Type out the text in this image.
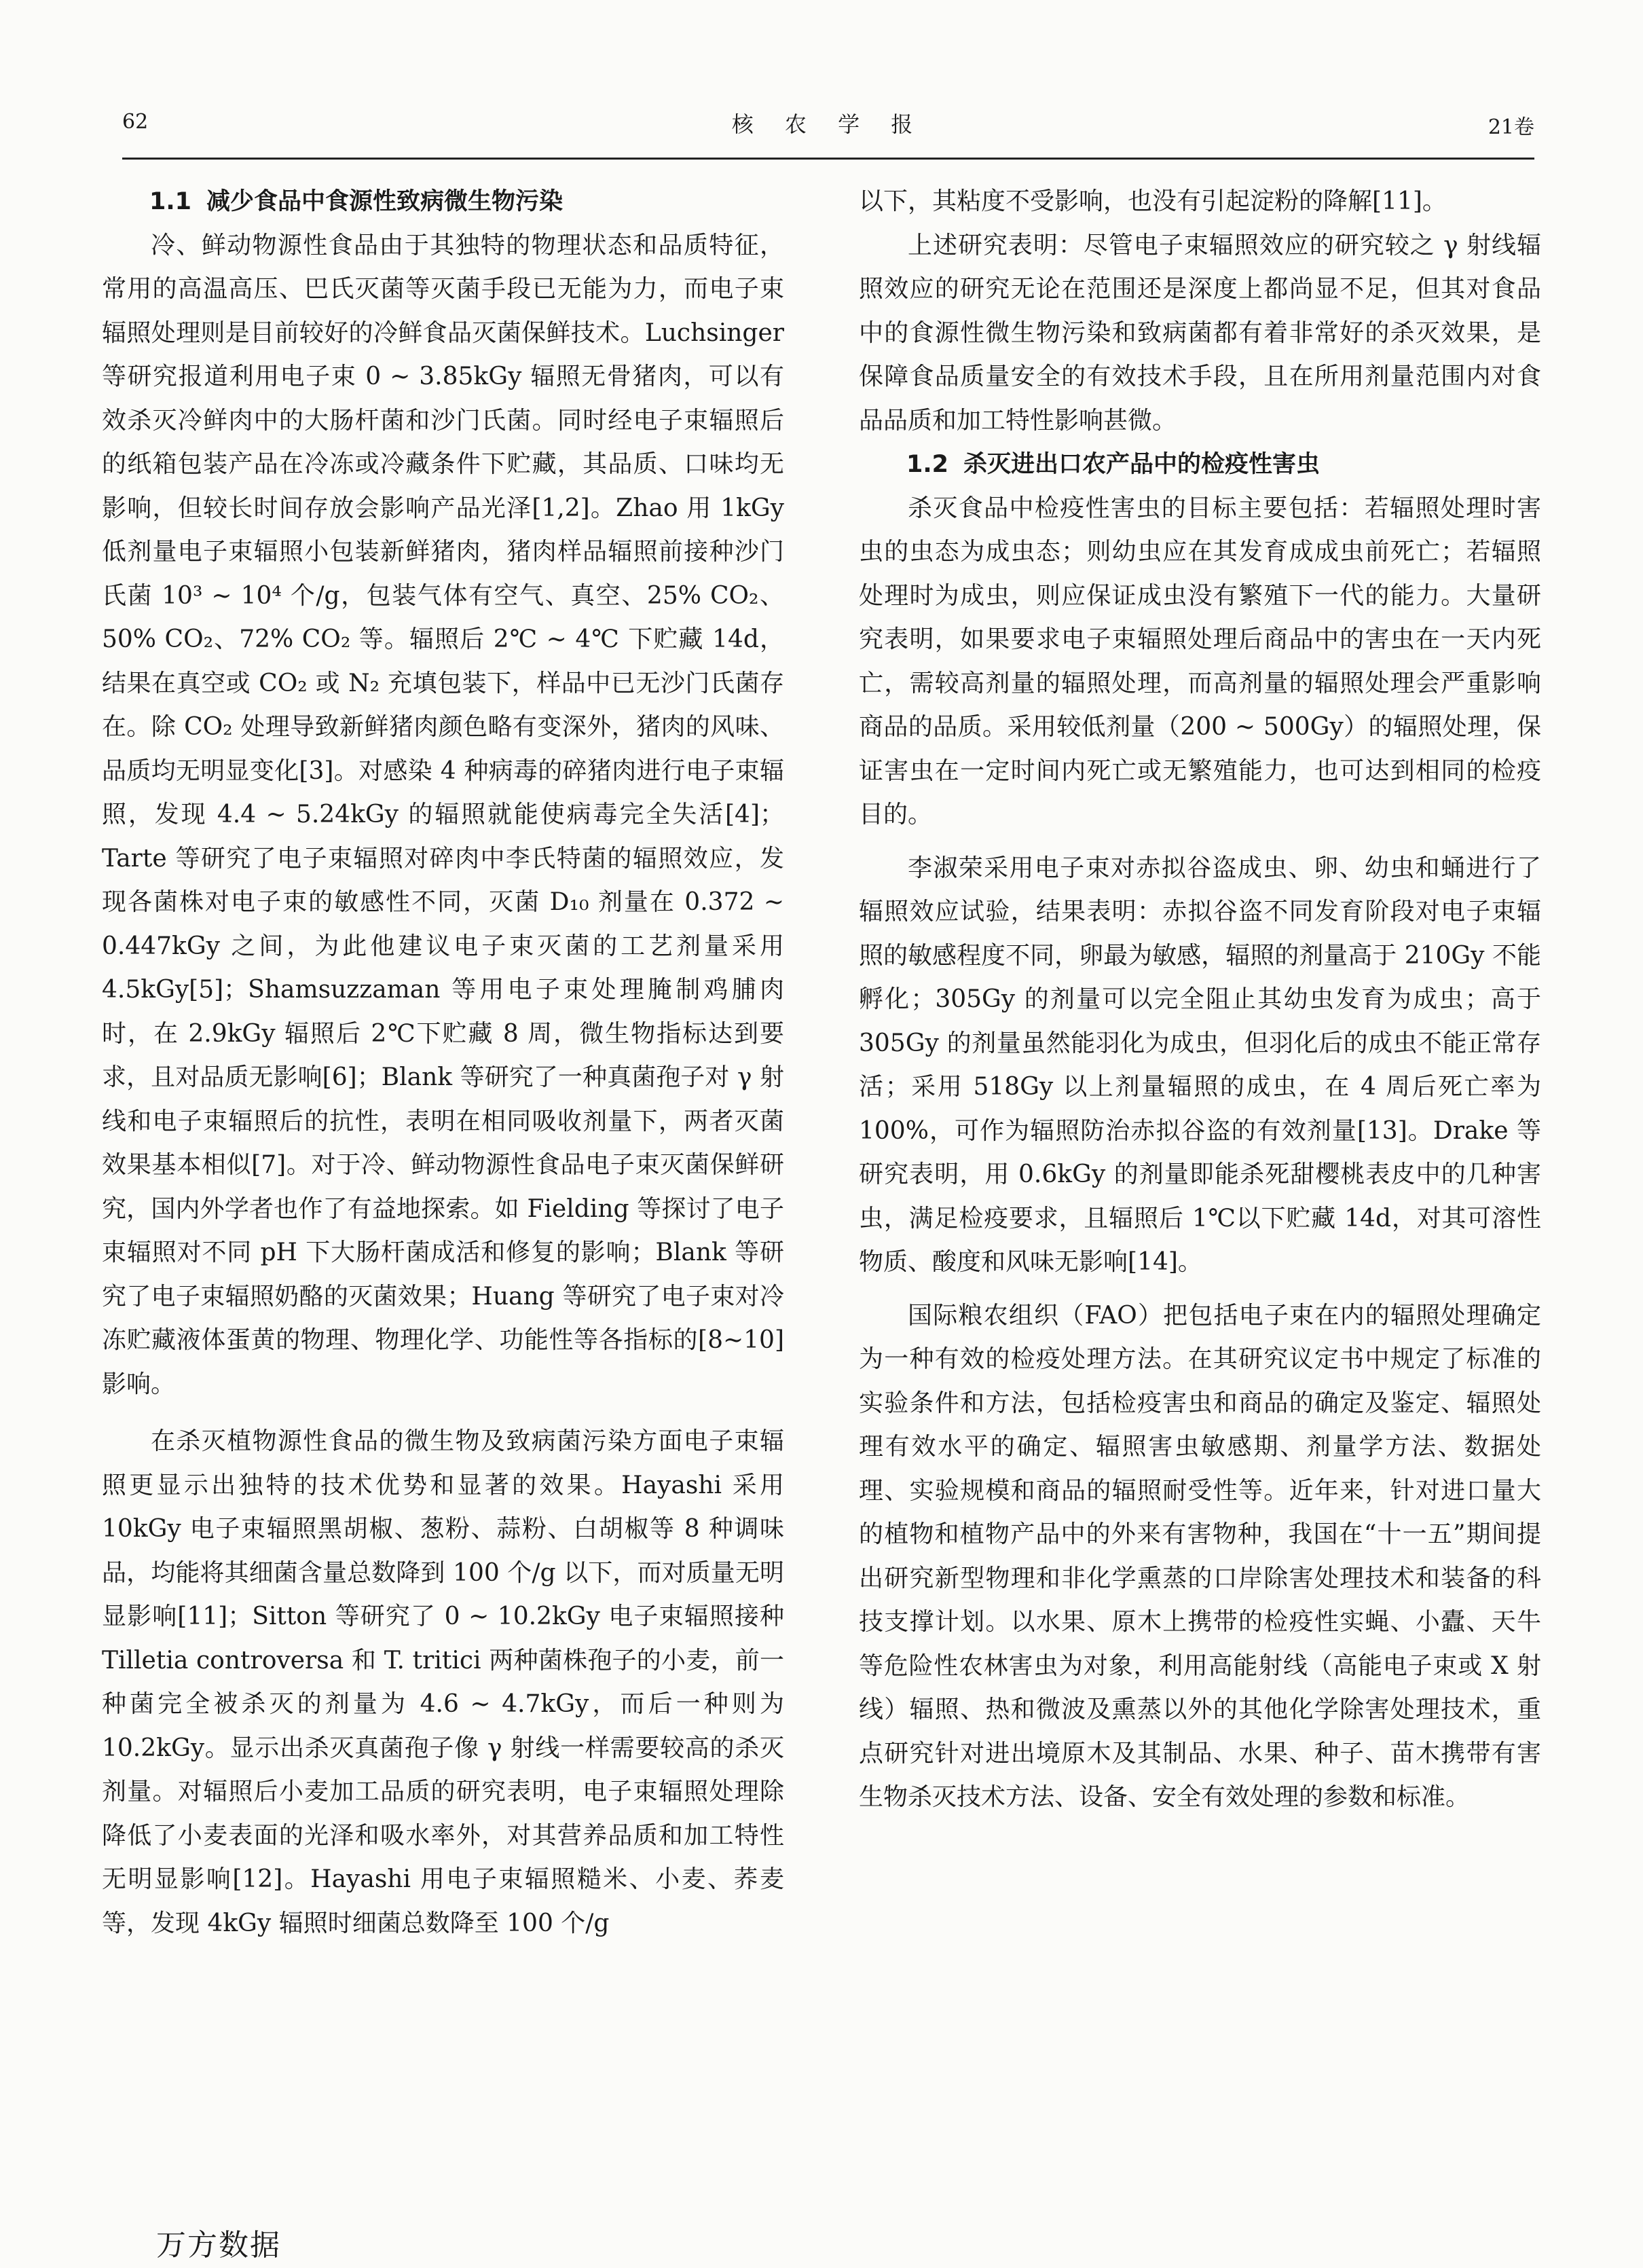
62	核 农 学 报	21卷

1.1 减少食品中食源性致病微生物污染

冷、鲜动物源性食品由于其独特的物理状态和品质特征，常用的高温高压、巴氏灭菌等灭菌手段已无能为力，而电子束辐照处理则是目前较好的冷鲜食品灭菌保鲜技术。Luchsinger 等研究报道利用电子束 0 ~ 3.85kGy 辐照无骨猪肉，可以有效杀灭冷鲜肉中的大肠杆菌和沙门氏菌。同时经电子束辐照后的纸箱包装产品在冷冻或冷藏条件下贮藏，其品质、口味均无影响，但较长时间存放会影响产品光泽[1,2]。Zhao 用 1kGy 低剂量电子束辐照小包装新鲜猪肉，猪肉样品辐照前接种沙门氏菌 10³ ~ 10⁴ 个/g，包装气体有空气、真空、25% CO₂、50% CO₂、72% CO₂ 等。辐照后 2℃ ~ 4℃ 下贮藏 14d，结果在真空或 CO₂ 或 N₂ 充填包装下，样品中已无沙门氏菌存在。除 CO₂ 处理导致新鲜猪肉颜色略有变深外，猪肉的风味、品质均无明显变化[3]。对感染 4 种病毒的碎猪肉进行电子束辐照，发现 4.4 ~ 5.24kGy 的辐照就能使病毒完全失活[4]；Tarte 等研究了电子束辐照对碎肉中李氏特菌的辐照效应，发现各菌株对电子束的敏感性不同，灭菌 D₁₀ 剂量在 0.372 ~ 0.447kGy 之间，为此他建议电子束灭菌的工艺剂量采用 4.5kGy[5]；Shamsuzzaman 等用电子束处理腌制鸡脯肉时，在 2.9kGy 辐照后 2℃下贮藏 8 周，微生物指标达到要求，且对品质无影响[6]；Blank 等研究了一种真菌孢子对 γ 射线和电子束辐照后的抗性，表明在相同吸收剂量下，两者灭菌效果基本相似[7]。对于冷、鲜动物源性食品电子束灭菌保鲜研究，国内外学者也作了有益地探索。如 Fielding 等探讨了电子束辐照对不同 pH 下大肠杆菌成活和修复的影响；Blank 等研究了电子束辐照奶酪的灭菌效果；Huang 等研究了电子束对冷冻贮藏液体蛋黄的物理、物理化学、功能性等各指标的[8~10]影响。

在杀灭植物源性食品的微生物及致病菌污染方面电子束辐照更显示出独特的技术优势和显著的效果。Hayashi 采用 10kGy 电子束辐照黑胡椒、葱粉、蒜粉、白胡椒等 8 种调味品，均能将其细菌含量总数降到 100 个/g 以下，而对质量无明显影响[11]；Sitton 等研究了 0 ~ 10.2kGy 电子束辐照接种 Tilletia controversa 和 T. tritici 两种菌株孢子的小麦，前一种菌完全被杀灭的剂量为 4.6 ~ 4.7kGy，而后一种则为 10.2kGy。显示出杀灭真菌孢子像 γ 射线一样需要较高的杀灭剂量。对辐照后小麦加工品质的研究表明，电子束辐照处理除降低了小麦表面的光泽和吸水率外，对其营养品质和加工特性无明显影响[12]。Hayashi 用电子束辐照糙米、小麦、荞麦等，发现 4kGy 辐照时细菌总数降至 100 个/g

以下，其粘度不受影响，也没有引起淀粉的降解[11]。

上述研究表明：尽管电子束辐照效应的研究较之 γ 射线辐照效应的研究无论在范围还是深度上都尚显不足，但其对食品中的食源性微生物污染和致病菌都有着非常好的杀灭效果，是保障食品质量安全的有效技术手段，且在所用剂量范围内对食品品质和加工特性影响甚微。

1.2 杀灭进出口农产品中的检疫性害虫

杀灭食品中检疫性害虫的目标主要包括：若辐照处理时害虫的虫态为成虫态；则幼虫应在其发育成成虫前死亡；若辐照处理时为成虫，则应保证成虫没有繁殖下一代的能力。大量研究表明，如果要求电子束辐照处理后商品中的害虫在一天内死亡，需较高剂量的辐照处理，而高剂量的辐照处理会严重影响商品的品质。采用较低剂量（200 ~ 500Gy）的辐照处理，保证害虫在一定时间内死亡或无繁殖能力，也可达到相同的检疫目的。

李淑荣采用电子束对赤拟谷盗成虫、卵、幼虫和蛹进行了辐照效应试验，结果表明：赤拟谷盗不同发育阶段对电子束辐照的敏感程度不同，卵最为敏感，辐照的剂量高于 210Gy 不能孵化；305Gy 的剂量可以完全阻止其幼虫发育为成虫；高于 305Gy 的剂量虽然能羽化为成虫，但羽化后的成虫不能正常存活；采用 518Gy 以上剂量辐照的成虫，在 4 周后死亡率为 100%，可作为辐照防治赤拟谷盗的有效剂量[13]。Drake 等研究表明，用 0.6kGy 的剂量即能杀死甜樱桃表皮中的几种害虫，满足检疫要求，且辐照后 1℃以下贮藏 14d，对其可溶性物质、酸度和风味无影响[14]。

国际粮农组织（FAO）把包括电子束在内的辐照处理确定为一种有效的检疫处理方法。在其研究议定书中规定了标准的实验条件和方法，包括检疫害虫和商品的确定及鉴定、辐照处理有效水平的确定、辐照害虫敏感期、剂量学方法、数据处理、实验规模和商品的辐照耐受性等。近年来，针对进口量大的植物和植物产品中的外来有害物种，我国在“十一五”期间提出研究新型物理和非化学熏蒸的口岸除害处理技术和装备的科技支撑计划。以水果、原木上携带的检疫性实蝇、小蠹、天牛等危险性农林害虫为对象，利用高能射线（高能电子束或 X 射线）辐照、热和微波及熏蒸以外的其他化学除害处理技术，重点研究针对进出境原木及其制品、水果、种子、苗木携带有害生物杀灭技术方法、设备、安全有效处理的参数和标准。

万方数据
